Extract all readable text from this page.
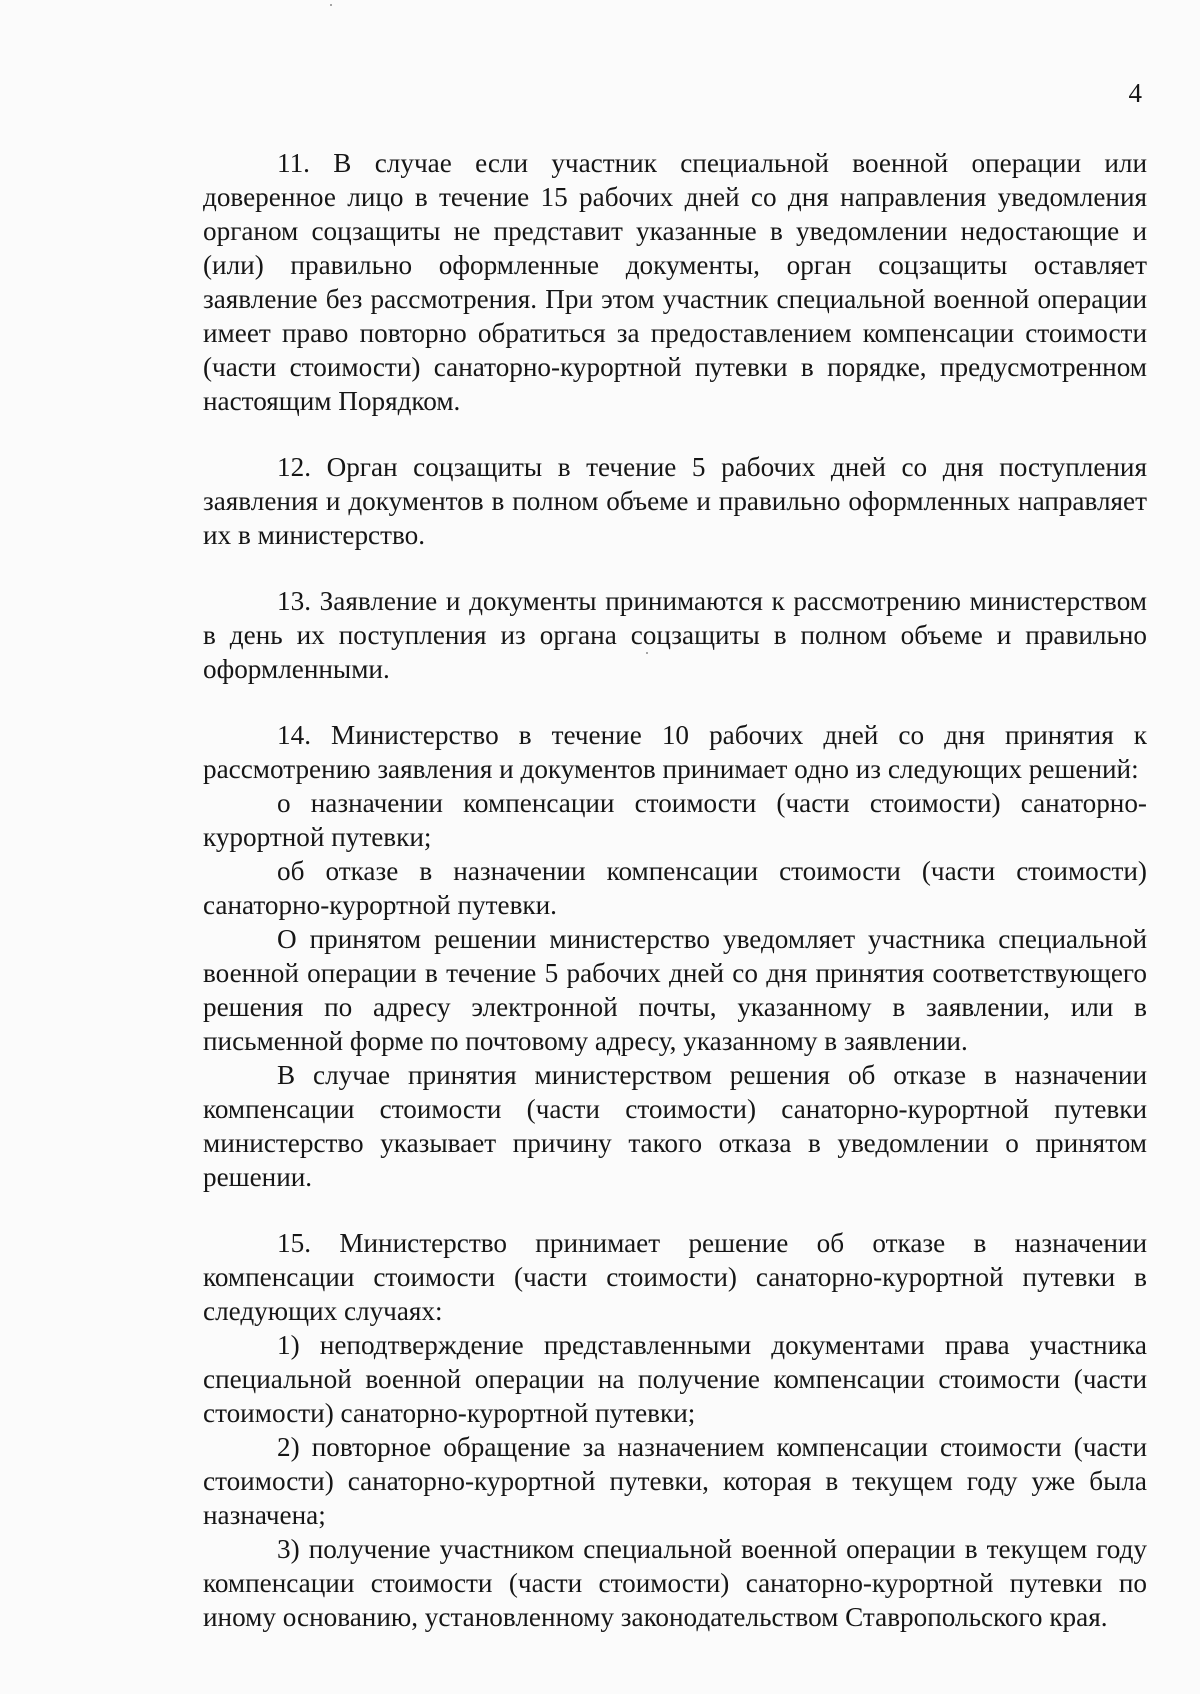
4

11. В случае если участник специальной военной операции или доверенное лицо в течение 15 рабочих дней со дня направления уведомления органом соцзащиты не представит указанные в уведомлении недостающие и (или) правильно оформленные документы, орган соцзащиты оставляет заявление без рассмотрения. При этом участник специальной военной операции имеет право повторно обратиться за предоставлением компенсации стоимости (части стоимости) санаторно-курортной путевки в порядке, предусмотренном настоящим Порядком.

12. Орган соцзащиты в течение 5 рабочих дней со дня поступления заявления и документов в полном объеме и правильно оформленных направляет их в министерство.

13. Заявление и документы принимаются к рассмотрению министерством в день их поступления из органа соцзащиты в полном объеме и правильно оформленными.

14. Министерство в течение 10 рабочих дней со дня принятия к рассмотрению заявления и документов принимает одно из следующих решений:

о назначении компенсации стоимости (части стоимости) санаторно-курортной путевки;

об отказе в назначении компенсации стоимости (части стоимости) санаторно-курортной путевки.

О принятом решении министерство уведомляет участника специальной военной операции в течение 5 рабочих дней со дня принятия соответствующего решения по адресу электронной почты, указанному в заявлении, или в письменной форме по почтовому адресу, указанному в заявлении.

В случае принятия министерством решения об отказе в назначении компенсации стоимости (части стоимости) санаторно-курортной путевки министерство указывает причину такого отказа в уведомлении о принятом решении.

15. Министерство принимает решение об отказе в назначении компенсации стоимости (части стоимости) санаторно-курортной путевки в следующих случаях:

1) неподтверждение представленными документами права участника специальной военной операции на получение компенсации стоимости (части стоимости) санаторно-курортной путевки;

2) повторное обращение за назначением компенсации стоимости (части стоимости) санаторно-курортной путевки, которая в текущем году уже была назначена;

3) получение участником специальной военной операции в текущем году компенсации стоимости (части стоимости) санаторно-курортной путевки по иному основанию, установленному законодательством Ставропольского края.
